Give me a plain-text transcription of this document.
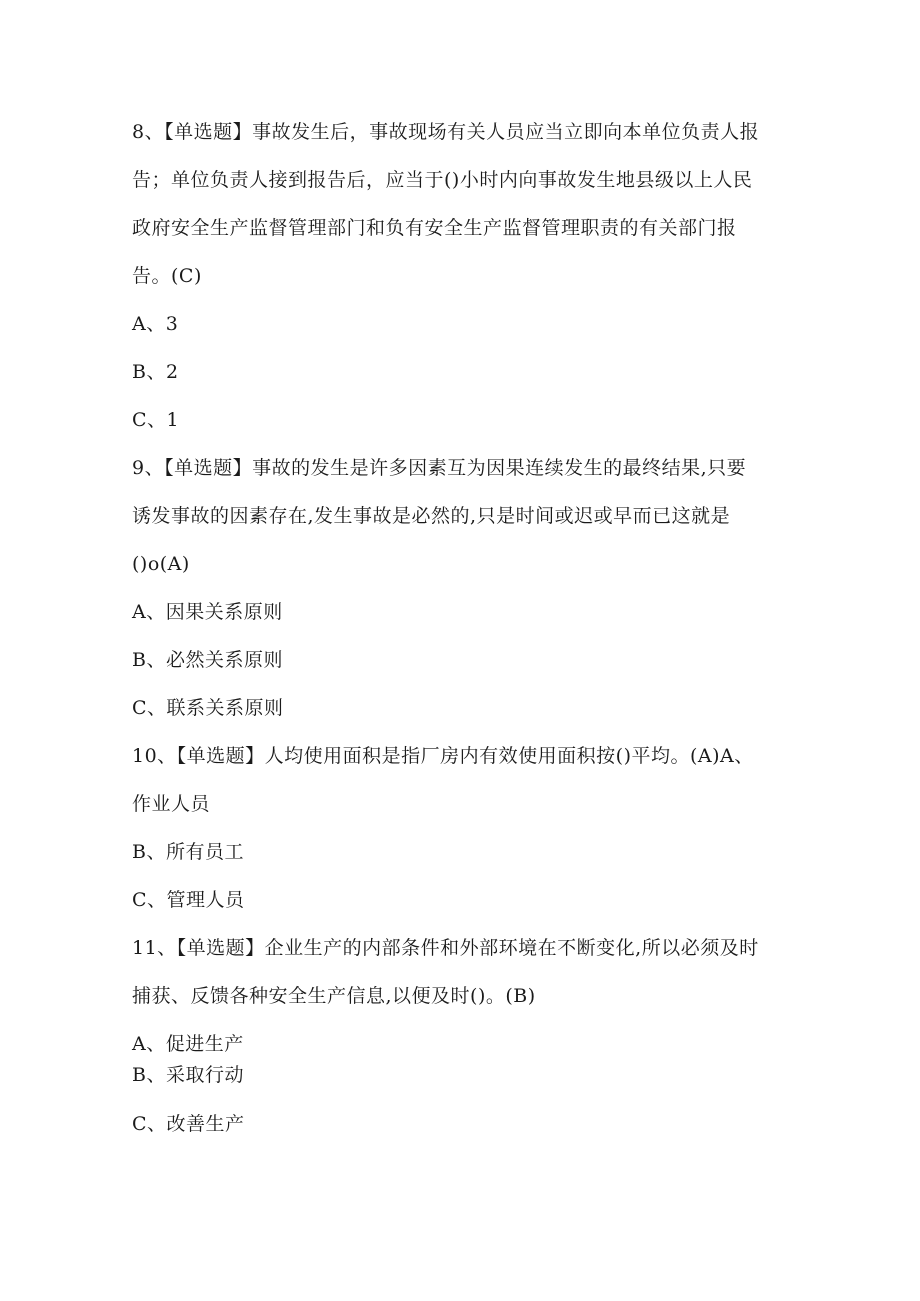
8、【单选题】事故发生后，事故现场有关人员应当立即向本单位负责人报
告；单位负责人接到报告后，应当于()小时内向事故发生地县级以上人民
政府安全生产监督管理部门和负有安全生产监督管理职责的有关部门报
告。(C)
A、3
B、2
C、1
9、【单选题】事故的发生是许多因素互为因果连续发生的最终结果,只要
诱发事故的因素存在,发生事故是必然的,只是时间或迟或早而已这就是
()o(A)
A、因果关系原则
B、必然关系原则
C、联系关系原则
10、【单选题】人均使用面积是指厂房内有效使用面积按()平均。(A)A、
作业人员
B、所有员工
C、管理人员
11、【单选题】企业生产的内部条件和外部环境在不断变化,所以必须及时
捕获、反馈各种安全生产信息,以便及时()。(B)
A、促进生产
B、采取行动
C、改善生产
